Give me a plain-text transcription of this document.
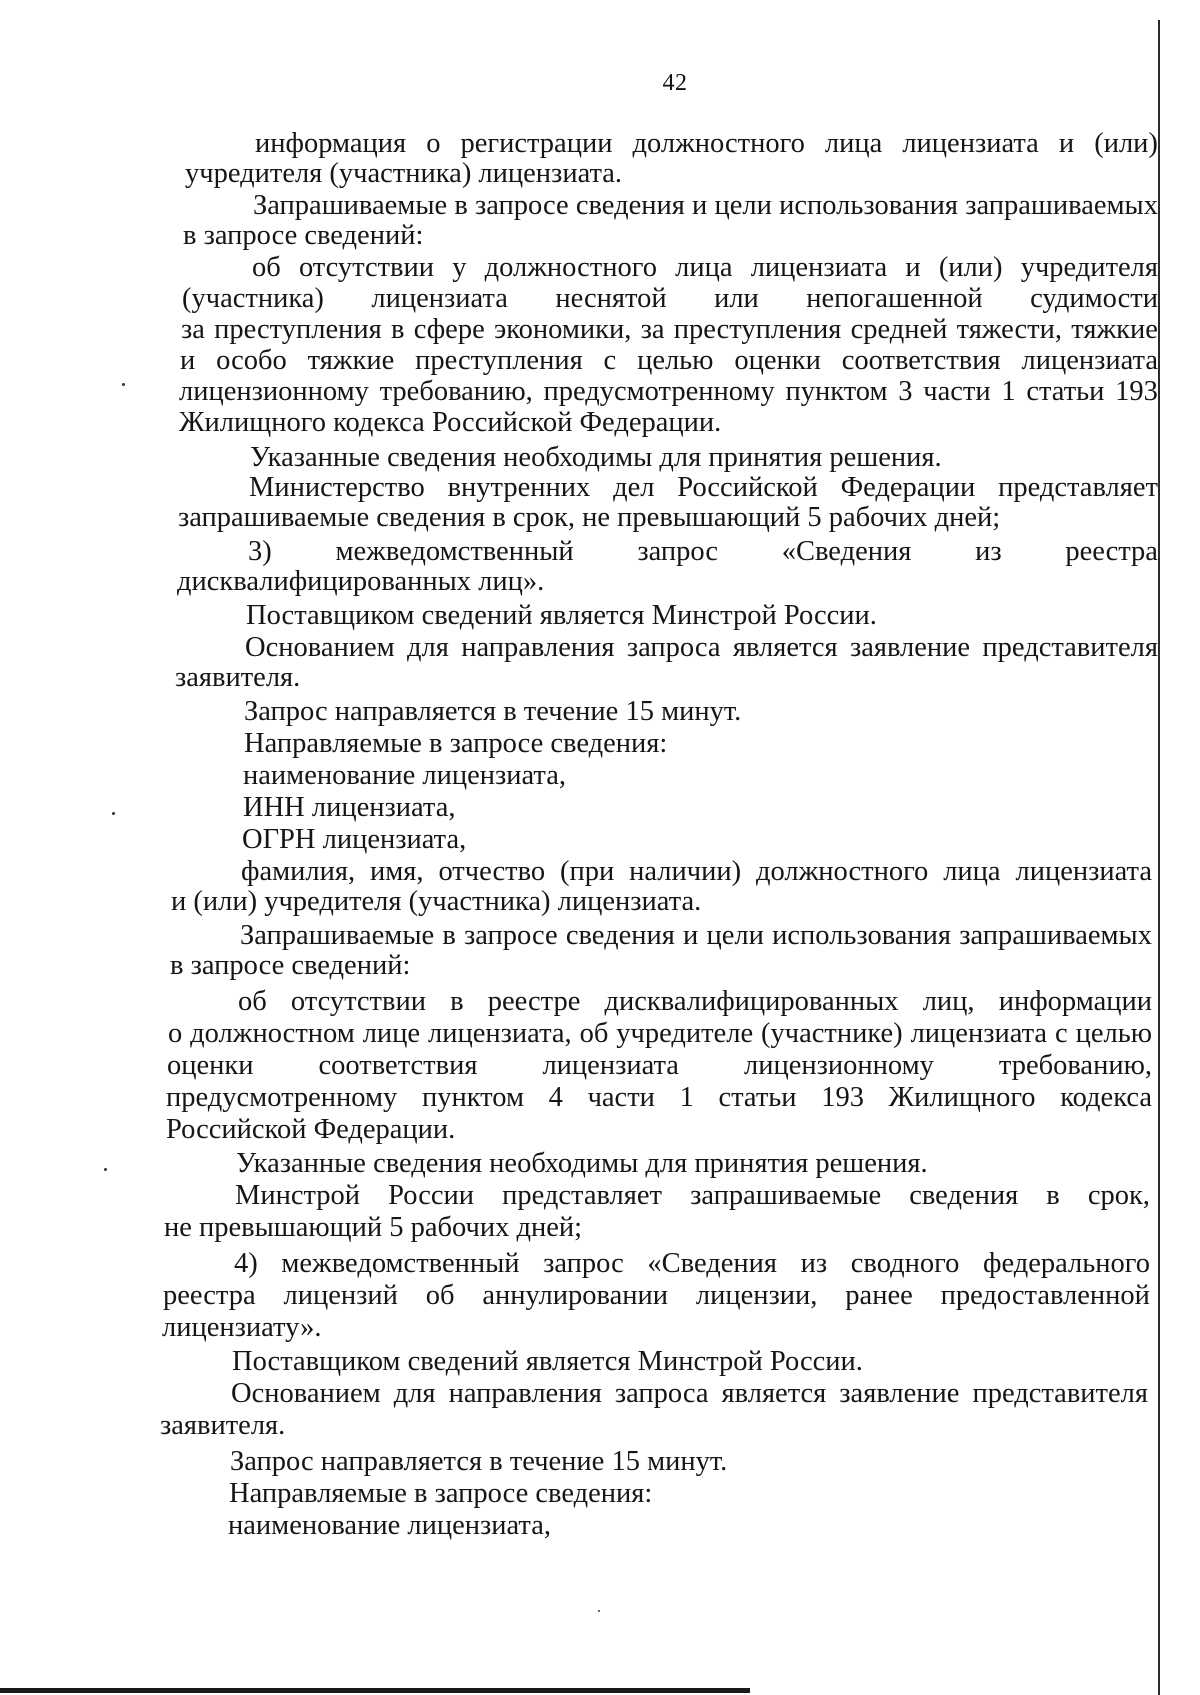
42
информация о регистрации должностного лица лицензиата и (или)
учредителя (участника) лицензиата.
Запрашиваемые в запросе сведения и цели использования запрашиваемых
в запросе сведений:
об отсутствии у должностного лица лицензиата и (или) учредителя
(участника) лицензиата неснятой или непогашенной судимости
за преступления в сфере экономики, за преступления средней тяжести, тяжкие
и особо тяжкие преступления с целью оценки соответствия лицензиата
лицензионному требованию, предусмотренному пунктом 3 части 1 статьи 193
Жилищного кодекса Российской Федерации.
Указанные сведения необходимы для принятия решения.
Министерство внутренних дел Российской Федерации представляет
запрашиваемые сведения в срок, не превышающий 5 рабочих дней;
3) межведомственный запрос «Сведения из реестра
дисквалифицированных лиц».
Поставщиком сведений является Минстрой России.
Основанием для направления запроса является заявление представителя
заявителя.
Запрос направляется в течение 15 минут.
Направляемые в запросе сведения:
наименование лицензиата,
ИНН лицензиата,
ОГРН лицензиата,
фамилия, имя, отчество (при наличии) должностного лица лицензиата
и (или) учредителя (участника) лицензиата.
Запрашиваемые в запросе сведения и цели использования запрашиваемых
в запросе сведений:
об отсутствии в реестре дисквалифицированных лиц, информации
о должностном лице лицензиата, об учредителе (участнике) лицензиата с целью
оценки соответствия лицензиата лицензионному требованию,
предусмотренному пунктом 4 части 1 статьи 193 Жилищного кодекса
Российской Федерации.
Указанные сведения необходимы для принятия решения.
Минстрой России представляет запрашиваемые сведения в срок,
не превышающий 5 рабочих дней;
4) межведомственный запрос «Сведения из сводного федерального
реестра лицензий об аннулировании лицензии, ранее предоставленной
лицензиату».
Поставщиком сведений является Минстрой России.
Основанием для направления запроса является заявление представителя
заявителя.
Запрос направляется в течение 15 минут.
Направляемые в запросе сведения:
наименование лицензиата,
